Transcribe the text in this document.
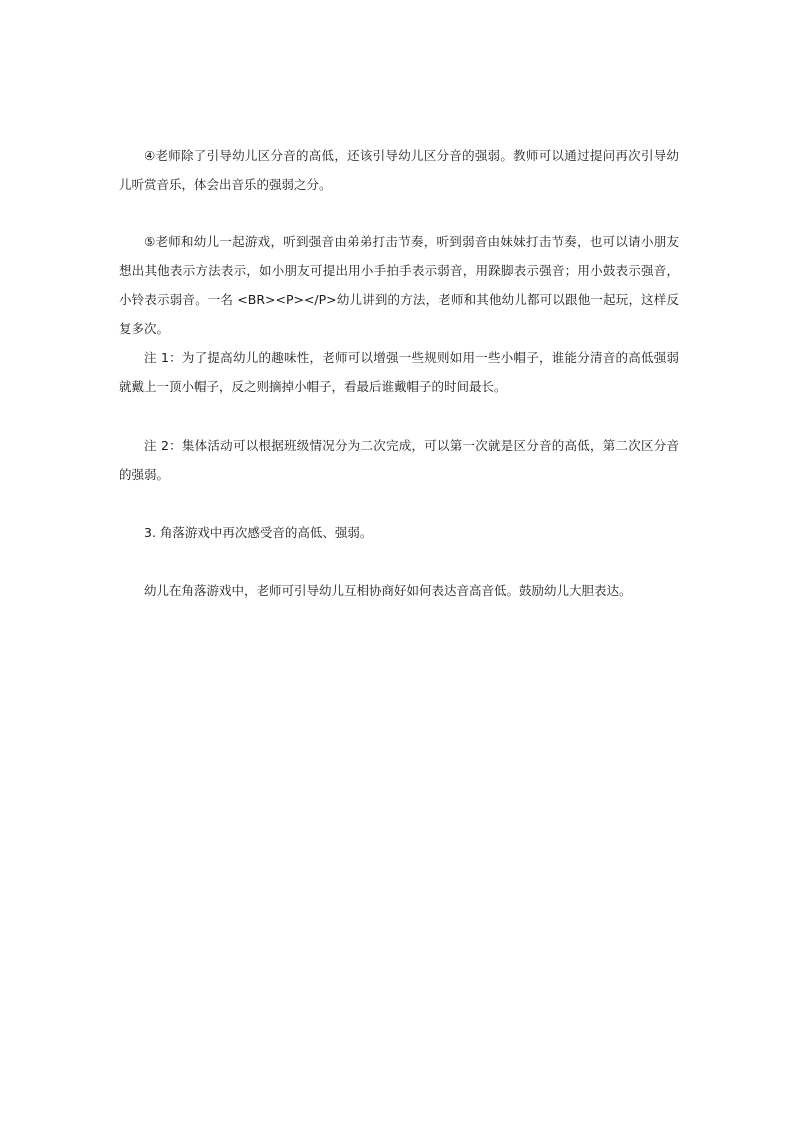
④老师除了引导幼儿区分音的高低，还该引导幼儿区分音的强弱。教师可以通过提问再次引导幼儿听赏音乐，体会出音乐的强弱之分。

⑤老师和幼儿一起游戏，听到强音由弟弟打击节奏，听到弱音由妹妹打击节奏，也可以请小朋友想出其他表示方法表示，如小朋友可提出用小手拍手表示弱音，用跺脚表示强音；用小鼓表示强音，小铃表示弱音。一名 <BR><P></P>幼儿讲到的方法，老师和其他幼儿都可以跟他一起玩，这样反复多次。

注 1：为了提高幼儿的趣味性，老师可以增强一些规则如用一些小帽子，谁能分清音的高低强弱就戴上一顶小帽子，反之则摘掉小帽子，看最后谁戴帽子的时间最长。

注 2：集体活动可以根据班级情况分为二次完成，可以第一次就是区分音的高低，第二次区分音的强弱。

3. 角落游戏中再次感受音的高低、强弱。

幼儿在角落游戏中，老师可引导幼儿互相协商好如何表达音高音低。鼓励幼儿大胆表达。
